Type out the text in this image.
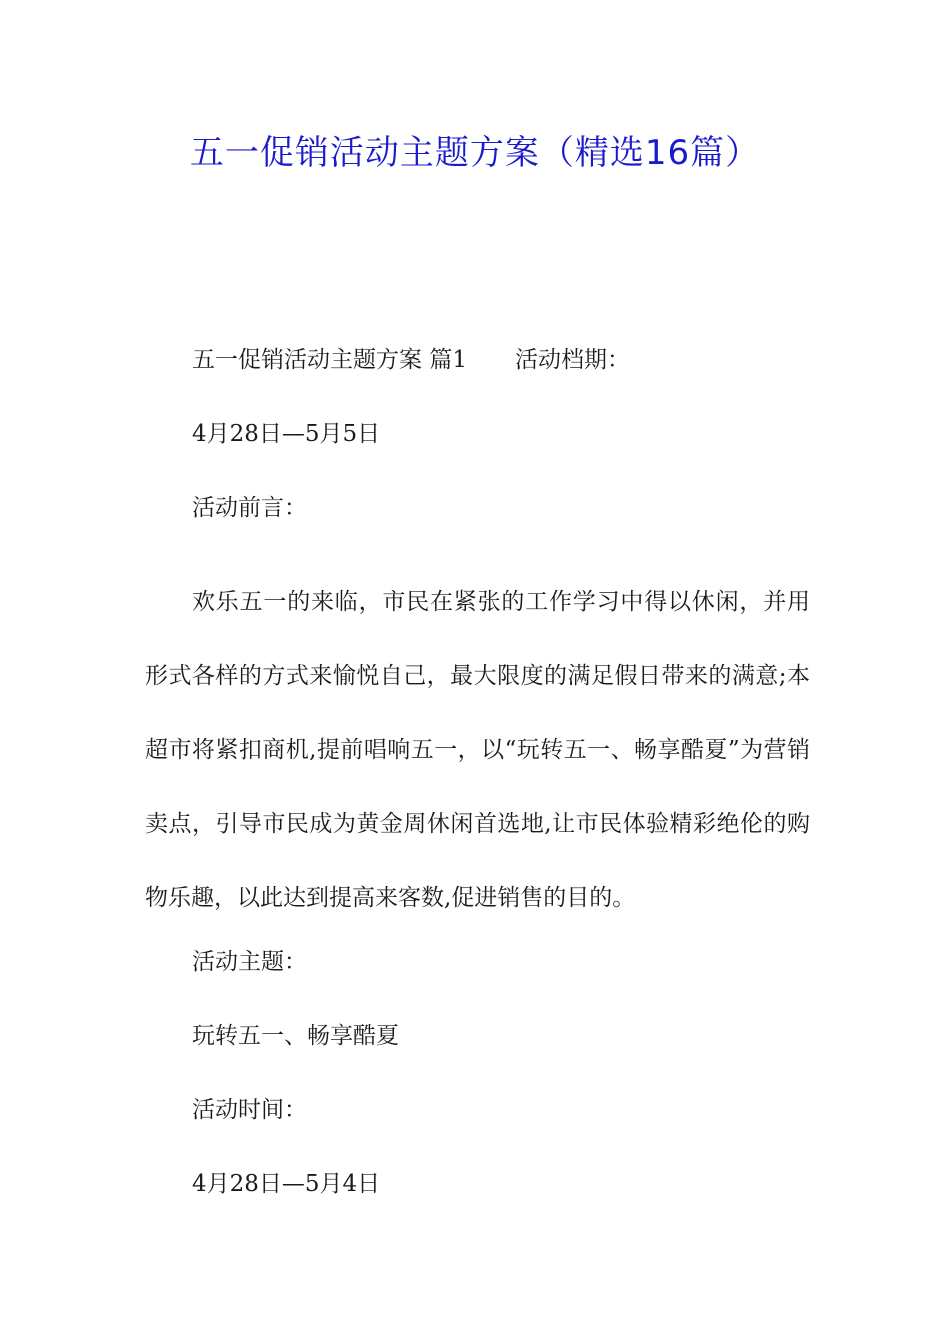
五一促销活动主题方案（精选16篇）

五一促销活动主题方案 篇1 活动档期：

4月28日—5月5日

活动前言：

欢乐五一的来临，市民在紧张的工作学习中得以休闲，并用形式各样的方式来愉悦自己，最大限度的满足假日带来的满意;本超市将紧扣商机,提前唱响五一，以“玩转五一、畅享酷夏”为营销卖点，引导市民成为黄金周休闲首选地,让市民体验精彩绝伦的购物乐趣，以此达到提高来客数,促进销售的目的。

活动主题：

玩转五一、畅享酷夏

活动时间：

4月28日—5月4日
